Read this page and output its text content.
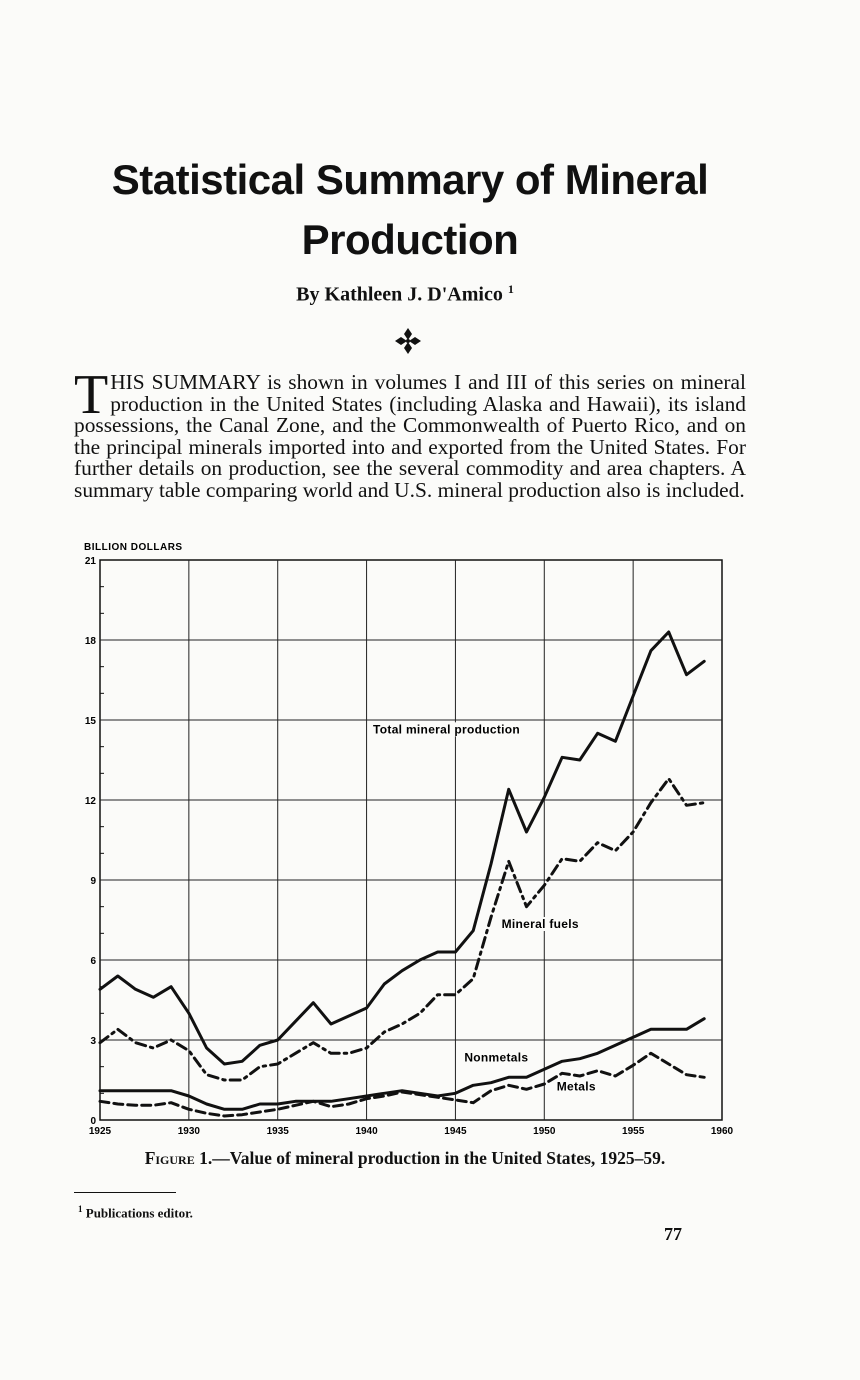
Statistical Summary of Mineral
Production
By Kathleen J. D'Amico $^1$

THIS SUMMARY is shown in volumes I and III of this series on mineral production in the United States (including Alaska and Hawaii), its island possessions, the Canal Zone, and the Commonwealth of Puerto Rico, and on the principal minerals imported into and exported from the United States. For further details on production, see the several commodity and area chapters. A summary table comparing world and U.S. mineral production also is included.

BILLION DOLLARS
0
3
6
9
12
15
18
21
1925	1930	1935	1940	1945	1950	1955	1960
Total mineral production
Mineral fuels
Nonmetals
Metals
Figure 1.—Value of mineral production in the United States, 1925–59.
$^1$ Publications editor.
77
